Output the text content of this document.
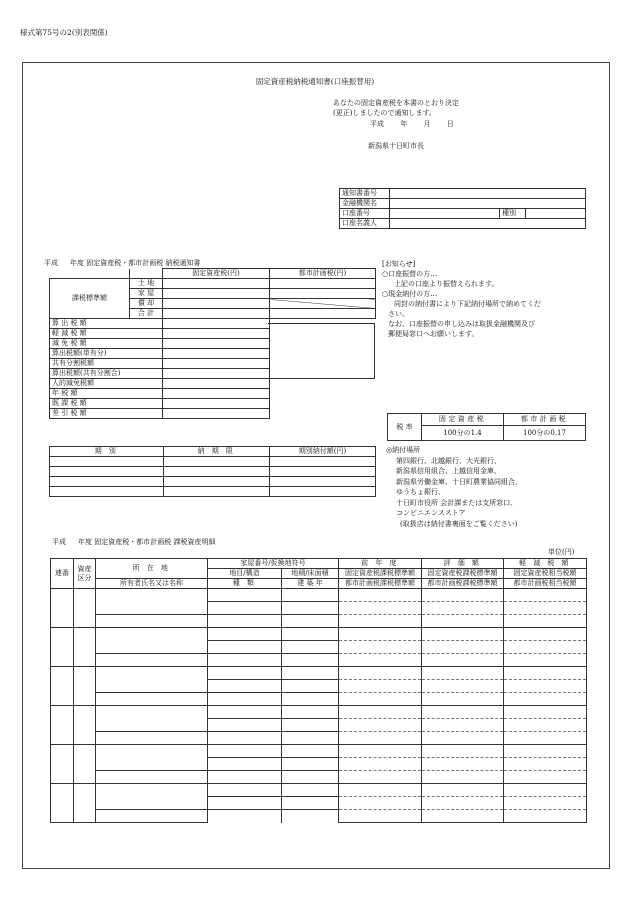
様式第75号の2(別表関係)
固定資産税納税通知書(口座振替用)
あなたの固定資産税を本書のとおり決定
(更正)しましたので通知します。
平成 年 月 日
新潟県十日町市長
通知書番号			
金融機関名			
口座番号		種別	
口座名義人			
平成 年度 固定資産税・都市計画税 納税通知書
		固定資産税(円)	都市計画税(円)
課税標準額	土 地		
	家 屋		
	償 却		
	合 計		
算 出 税 額			
軽 減 税 額			
減 免 税 額			
算出税額(単有分)			
共有分割税額			
算出税額(共有分割合)			
人的減免税額			
年 税 額			
既 課 税 額			
差 引 税 額			
[お知らせ]
○口座振替の方…
上記の口座より振替えられます。
○現金納付の方…
同封の納付書により下記納付場所で納めてくだ
さい。
なお、口座振替の申し込みは取扱金融機関及び
郵便局窓口へお願いします。
税 率	固定資産税	都市計画税
	100分の1.4	100分の0.17
期 別	納 期 限	期別納付額(円)

			◎納付場所
第四銀行、北越銀行、大光銀行、
新潟県信用組合、上越信用金庫、
新潟県労働金庫、十日町農業協同組合、
ゆうちょ銀行、
十日町市役所 会計課または支所窓口、
コンビニエンスストア
(取扱店は納付書裏面をご覧ください)
平成 年度 固定資産税・都市計画税 課税資産明細
単位(円)
連番	資産
区分	所 在 地	家屋番号/仮換地符号		前 年 度	評 価 額	軽 減 税 額
			地目/構造	地積/床面積	固定資産税課税標準額	固定資産税課税標準額	固定資産税相当税額
		所有者氏名又は名称	種 類	建 築 年	都市計画税課税標準額	都市計画税課税標準額	都市計画税相当税額
